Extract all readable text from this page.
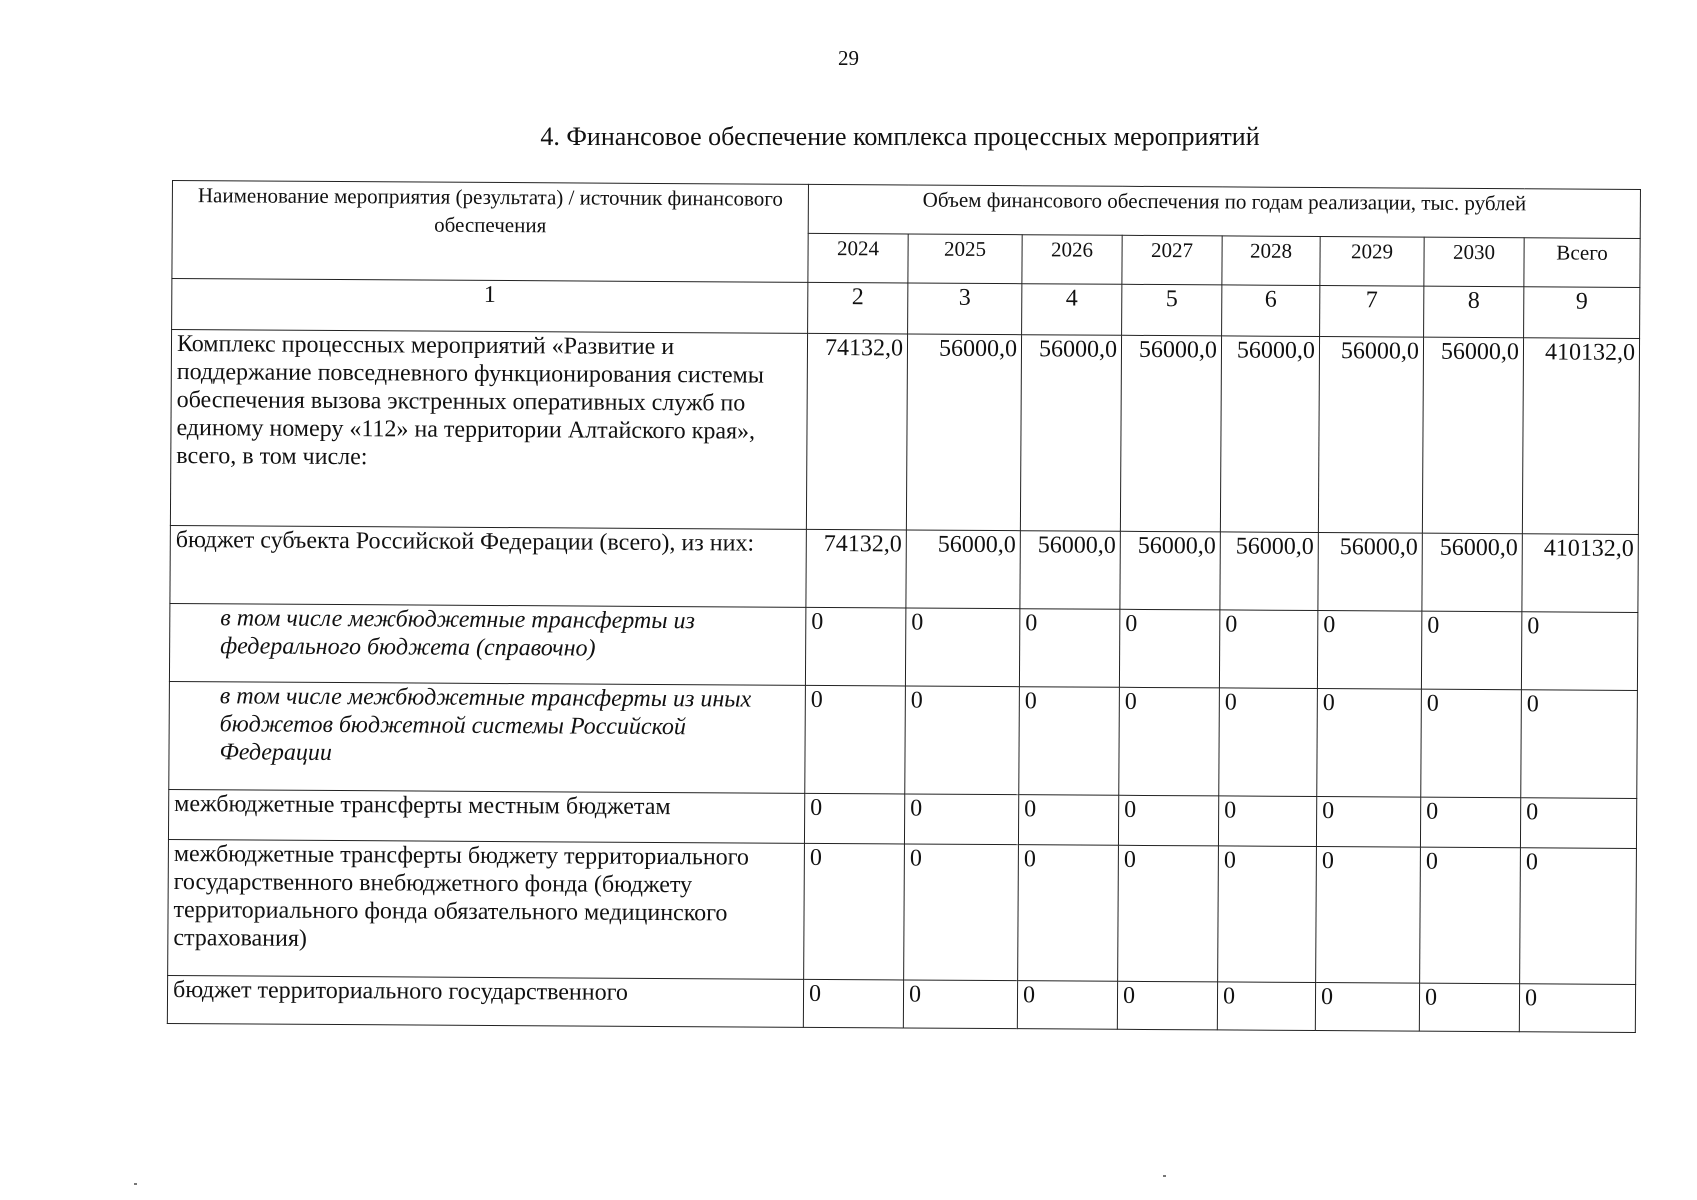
29
4. Финансовое обеспечение комплекса процессных мероприятий
Наименование мероприятия (результата) / источник финансового обеспечения	Объем финансового обеспечения по годам реализации, тыс. рублей							
	2024	2025	2026	2027	2028	2029	2030	Всего
1	2	3	4	5	6	7	8	9
Комплекс процессных мероприятий «Развитие и поддержание повседневного функционирования системы обеспечения вызова экстренных оперативных служб по единому номеру «112» на территории Алтайского края», всего, в том числе:	74132,0	56000,0	56000,0	56000,0	56000,0	56000,0	56000,0	410132,0
бюджет субъекта Российской Федерации (всего), из них:	74132,0	56000,0	56000,0	56000,0	56000,0	56000,0	56000,0	410132,0
в том числе межбюджетные трансферты из федерального бюджета (справочно)	0	0	0	0	0	0	0	0
в том числе межбюджетные трансферты из иных бюджетов бюджетной системы Российской Федерации	0	0	0	0	0	0	0	0
межбюджетные трансферты местным бюджетам	0	0	0	0	0	0	0	0
межбюджетные трансферты бюджету территориального государственного внебюджетного фонда (бюджету территориального фонда обязательного медицинского страхования)	0	0	0	0	0	0	0	0
бюджет территориального государственного	0	0	0	0	0	0	0	0
